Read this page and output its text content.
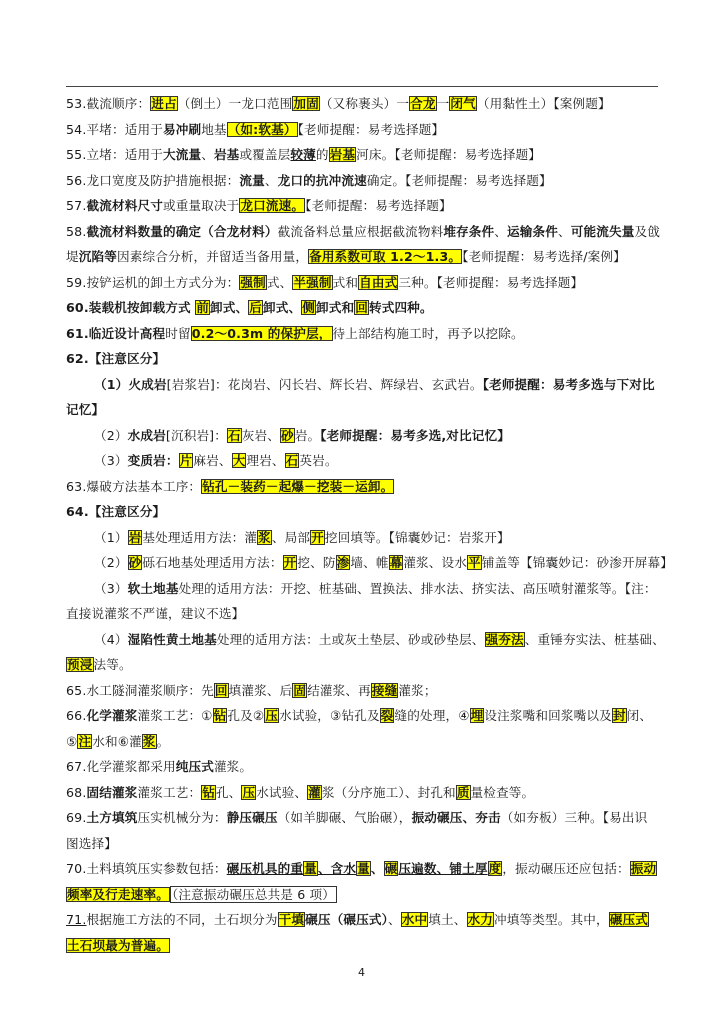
53.截流顺序：进占（倒土）一龙口范围加固（又称裹头）一合龙一闭气（用黏性土）【案例题】
54.平堵：适用于易冲刷地基（如:软基）【老师提醒：易考选择题】
55.立堵：适用于大流量、岩基或覆盖层较薄的岩基河床。【老师提醒：易考选择题】
56.龙口宽度及防护措施根据：流量、龙口的抗冲流速确定。【老师提醒：易考选择题】
57.截流材料尺寸或重量取决于龙口流速。【老师提醒：易考选择题】
58.截流材料数量的确定（合龙材料）截流备料总量应根据截流物料堆存条件、运输条件、可能流失量及戗
堤沉陷等因素综合分析，并留适当备用量，备用系数可取 1.2～1.3。【老师提醒：易考选择/案例】
59.按铲运机的卸土方式分为：强制式、半强制式和自由式三种。【老师提醒：易考选择题】
60.装载机按卸载方式 前卸式、后卸式、侧卸式和回转式四种。
61.临近设计高程时留0.2～0.3m 的保护层，待上部结构施工时，再予以挖除。
62.【注意区分】
（1）火成岩[岩浆岩]：花岗岩、闪长岩、辉长岩、辉绿岩、玄武岩。【老师提醒：易考多选与下对比
记忆】
（2）水成岩[沉积岩]：石灰岩、砂岩。【老师提醒：易考多选,对比记忆】
（3）变质岩：片麻岩、大理岩、石英岩。
63.爆破方法基本工序：钻孔－装药－起爆－挖装－运卸。
64.【注意区分】
（1）岩基处理适用方法：灌浆、局部开挖回填等。【锦囊妙记：岩浆开】
（2）砂砾石地基处理适用方法：开挖、防渗墙、帷幕灌浆、设水平铺盖等【锦囊妙记：砂渗开屏幕】
（3）软土地基处理的适用方法：开挖、桩基础、置换法、排水法、挤实法、高压喷射灌浆等。【注：
直接说灌浆不严谨，建议不选】
（4）湿陷性黄土地基处理的适用方法：土或灰土垫层、砂或砂垫层、强夯法、重锤夯实法、桩基础、
预浸法等。
65.水工隧洞灌浆顺序：先回填灌浆、后固结灌浆、再接缝灌浆；
66.化学灌浆灌浆工艺：①钻孔及②压水试验，③钻孔及裂缝的处理，④埋设注浆嘴和回浆嘴以及封闭、
⑤注水和⑥灌浆。
67.化学灌浆都采用纯压式灌浆。
68.固结灌浆灌浆工艺：钻孔、压水试验、灌浆（分序施工）、封孔和质量检查等。
69.土方填筑压实机械分为：静压碾压（如羊脚碾、气胎碾），振动碾压、夯击（如夯板）三种。【易出识
图选择】
70.土料填筑压实参数包括：碾压机具的重量、含水量、碾压遍数、铺土厚度，振动碾压还应包括：振动
频率及行走速率。 （注意振动碾压总共是 6 项）
71.根据施工方法的不同，土石坝分为干填碾压（碾压式）、水中填土、水力冲填等类型。其中，碾压式
土石坝最为普遍。
4
